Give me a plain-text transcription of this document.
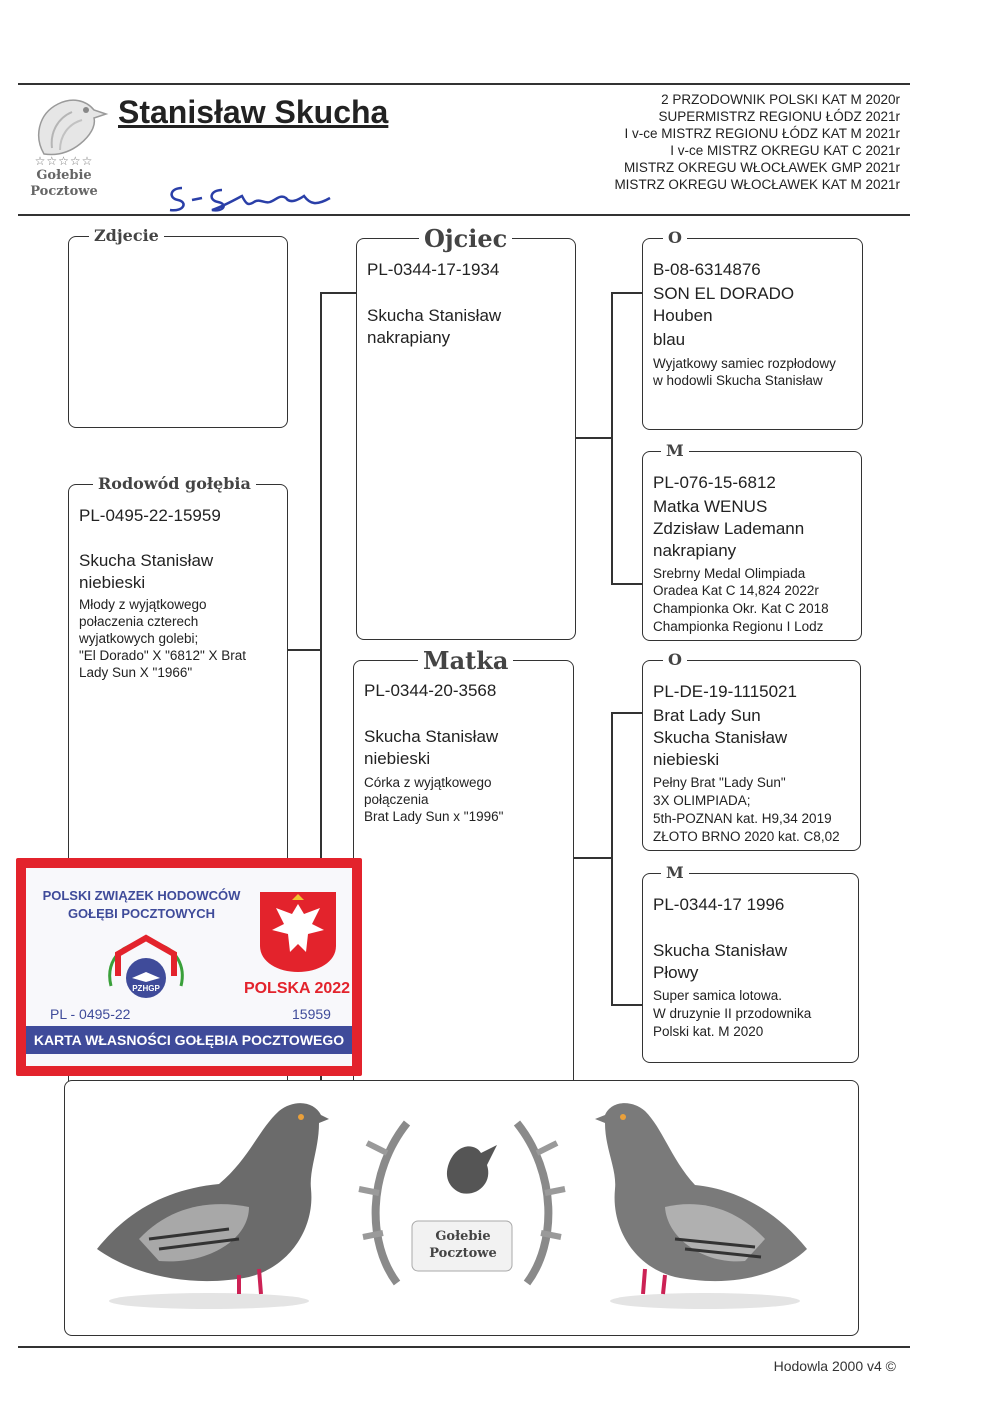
☆☆☆☆☆
Gołebie
Pocztowe
Stanisław Skucha	2 PRZODOWNIK POLSKI KAT M 2020r
SUPERMISTRZ REGIONU ŁÓDZ 2021r
I v-ce MISTRZ REGIONU ŁÓDZ KAT M 2021r
I v-ce MISTRZ OKREGU KAT C 2021r
MISTRZ OKREGU WŁOCŁAWEK GMP 2021r
MISTRZ OKREGU WŁOCŁAWEK KAT M 2021r
Zdjecie
Rodowód gołębia
PL-0495-22-15959
Skucha Stanisław
niebieski
Młody z wyjątkowego
połaczenia czterech
wyjatkowych golebi;
"El Dorado" X "6812" X Brat
Lady Sun X "1966"
Ojciec
PL-0344-17-1934
Skucha Stanisław
nakrapiany
Matka
PL-0344-20-3568
Skucha Stanisław
niebieski
Córka z wyjątkowego
połączenia
Brat Lady Sun x "1996"
O
B-08-6314876
SON EL DORADO
Houben
blau
Wyjatkowy samiec rozpłodowy
w hodowli Skucha Stanisław
M
PL-076-15-6812
Matka WENUS
Zdzisław Lademann
nakrapiany
Srebrny Medal Olimpiada
Oradea Kat C 14,824 2022r
Championka Okr. Kat C 2018
Championka Regionu I Lodz
O
PL-DE-19-1115021
Brat Lady Sun
Skucha Stanisław
niebieski
Pełny Brat "Lady Sun"
3X OLIMPIADA;
5th-POZNAN kat. H9,34 2019
ZŁOTO BRNO 2020 kat. C8,02
M
PL-0344-17 1996
Skucha Stanisław
Płowy
Super samica lotowa.
W druzynie II przodownika
Polski kat. M 2020
POLSKI ZWIĄZEK HODOWCÓW
GOŁĘBI POCZTOWYCH
PZHGP	POLSKA 2022
PL - 0495-22	15959
KARTA WŁASNOŚCI GOŁĘBIA POCZTOWEGO
Gołebie
Pocztowe
Hodowla 2000 v4 ©
